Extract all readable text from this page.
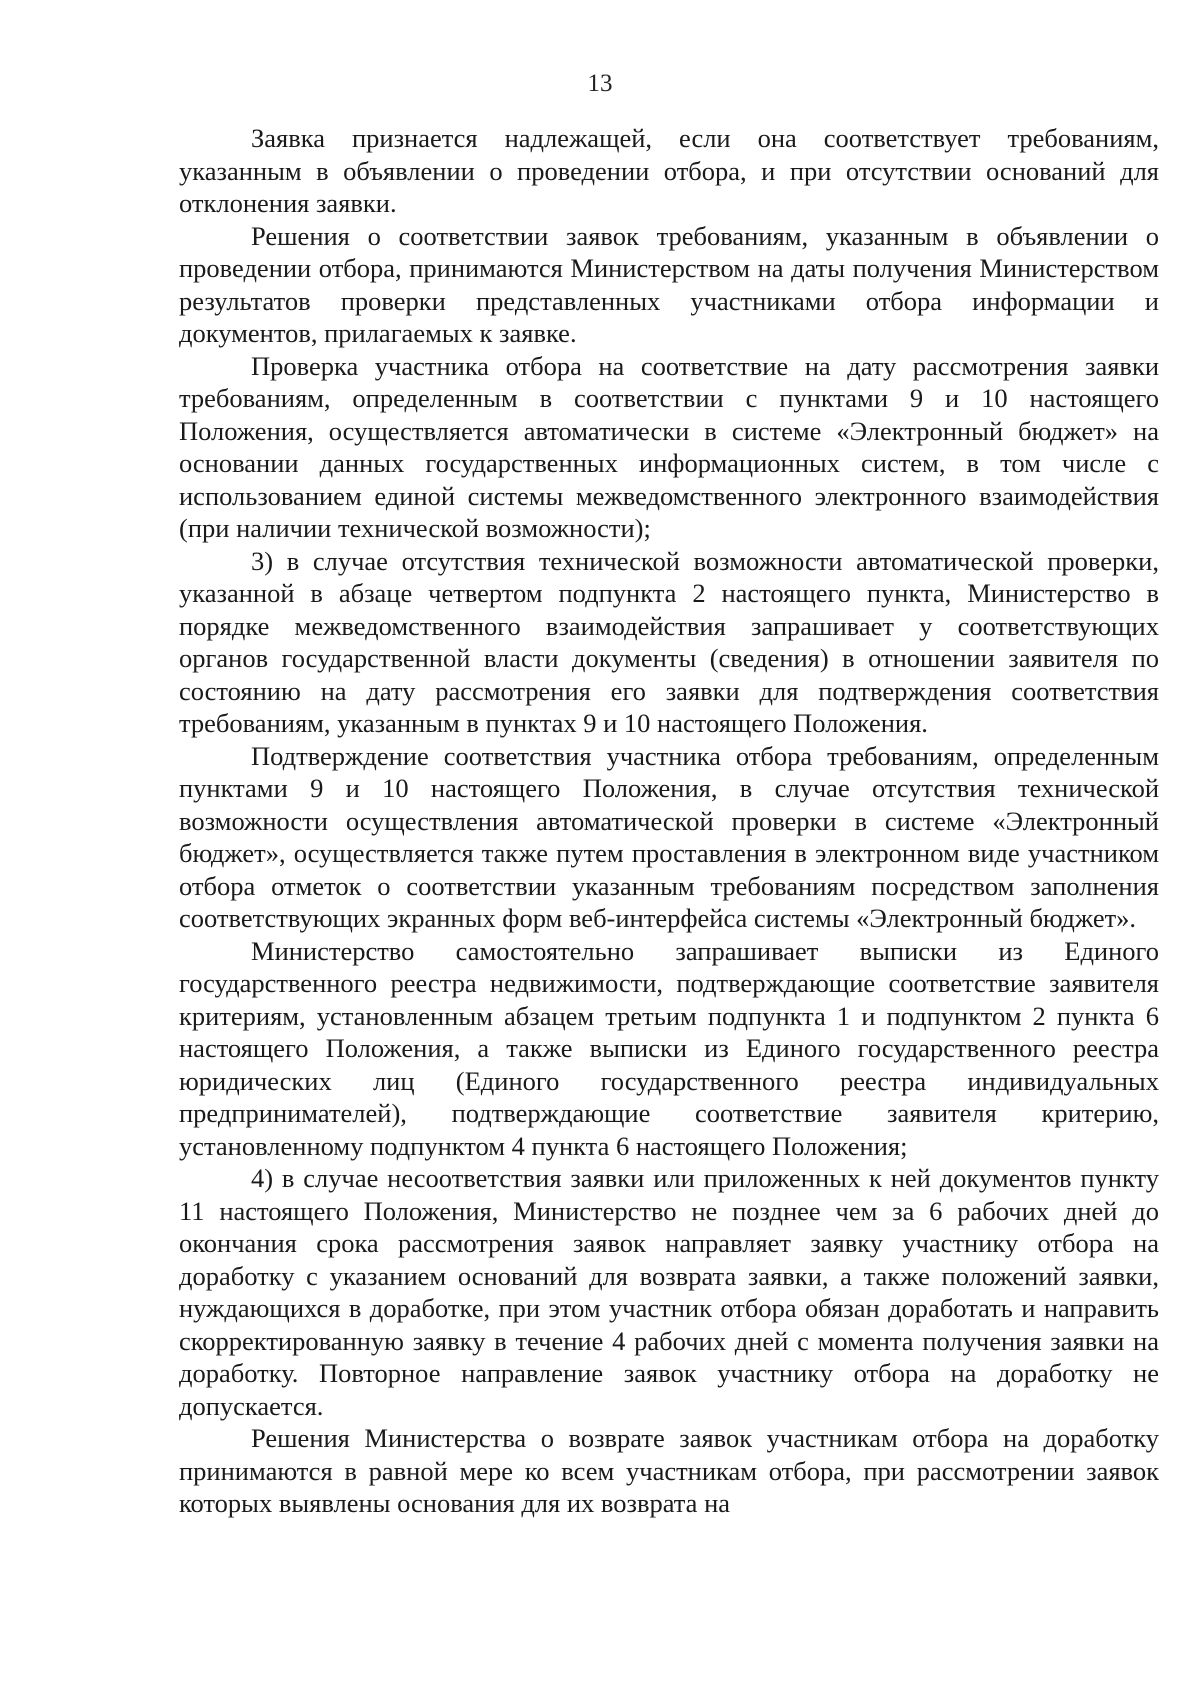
13

Заявка признается надлежащей, если она соответствует требованиям, указанным в объявлении о проведении отбора, и при отсутствии оснований для отклонения заявки.

Решения о соответствии заявок требованиям, указанным в объявлении о проведении отбора, принимаются Министерством на даты получения Министерством результатов проверки представленных участниками отбора информации и документов, прилагаемых к заявке.

Проверка участника отбора на соответствие на дату рассмотрения заявки требованиям, определенным в соответствии с пунктами 9 и 10 настоящего Положения, осуществляется автоматически в системе «Электронный бюджет» на основании данных государственных информационных систем, в том числе с использованием единой системы межведомственного электронного взаимодействия (при наличии технической возможности);

3) в случае отсутствия технической возможности автоматической проверки, указанной в абзаце четвертом подпункта 2 настоящего пункта, Министерство в порядке межведомственного взаимодействия запрашивает у соответствующих органов государственной власти документы (сведения) в отношении заявителя по состоянию на дату рассмотрения его заявки для подтверждения соответствия требованиям, указанным в пунктах 9 и 10 настоящего Положения.

Подтверждение соответствия участника отбора требованиям, определенным пунктами 9 и 10 настоящего Положения, в случае отсутствия технической возможности осуществления автоматической проверки в системе «Электронный бюджет», осуществляется также путем проставления в электронном виде участником отбора отметок о соответствии указанным требованиям посредством заполнения соответствующих экранных форм веб-интерфейса системы «Электронный бюджет».

Министерство самостоятельно запрашивает выписки из Единого государственного реестра недвижимости, подтверждающие соответствие заявителя критериям, установленным абзацем третьим подпункта 1 и подпунктом 2 пункта 6 настоящего Положения, а также выписки из Единого государственного реестра юридических лиц (Единого государственного реестра индивидуальных предпринимателей), подтверждающие соответствие заявителя критерию, установленному подпунктом 4 пункта 6 настоящего Положения;

4) в случае несоответствия заявки или приложенных к ней документов пункту 11 настоящего Положения, Министерство не позднее чем за 6 рабочих дней до окончания срока рассмотрения заявок направляет заявку участнику отбора на доработку с указанием оснований для возврата заявки, а также положений заявки, нуждающихся в доработке, при этом участник отбора обязан доработать и направить скорректированную заявку в течение 4 рабочих дней с момента получения заявки на доработку. Повторное направление заявок участнику отбора на доработку не допускается.

Решения Министерства о возврате заявок участникам отбора на доработку принимаются в равной мере ко всем участникам отбора, при рассмотрении заявок которых выявлены основания для их возврата на
